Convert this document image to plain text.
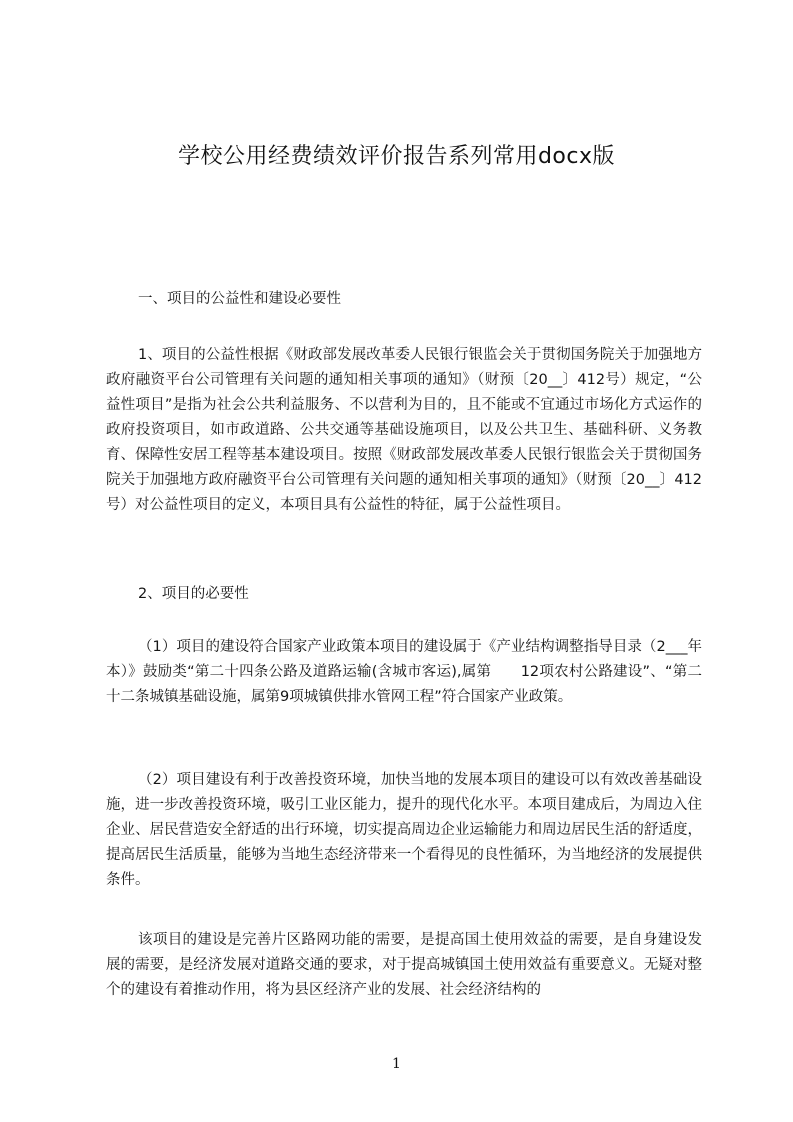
学校公用经费绩效评价报告系列常用docx版

一、项目的公益性和建设必要性

1、项目的公益性根据《财政部发展改革委人民银行银监会关于贯彻国务院关于加强地方政府融资平台公司管理有关问题的通知相关事项的通知》（财预〔20__〕412号）规定，“公益性项目”是指为社会公共利益服务、不以营利为目的，且不能或不宜通过市场化方式运作的政府投资项目，如市政道路、公共交通等基础设施项目，以及公共卫生、基础科研、义务教育、保障性安居工程等基本建设项目。按照《财政部发展改革委人民银行银监会关于贯彻国务院关于加强地方政府融资平台公司管理有关问题的通知相关事项的通知》（财预〔20__〕412号）对公益性项目的定义，本项目具有公益性的特征，属于公益性项目。

2、项目的必要性

（1）项目的建设符合国家产业政策本项目的建设属于《产业结构调整指导目录（2___年本）》鼓励类“第二十四条公路及道路运输(含城市客运),属第　　12项农村公路建设”、“第二十二条城镇基础设施，属第9项城镇供排水管网工程”符合国家产业政策。

（2）项目建设有利于改善投资环境，加快当地的发展本项目的建设可以有效改善基础设施，进一步改善投资环境，吸引工业区能力，提升的现代化水平。本项目建成后，为周边入住企业、居民营造安全舒适的出行环境，切实提高周边企业运输能力和周边居民生活的舒适度，提高居民生活质量，能够为当地生态经济带来一个看得见的良性循环，为当地经济的发展提供条件。

该项目的建设是完善片区路网功能的需要，是提高国土使用效益的需要，是自身建设发展的需要，是经济发展对道路交通的要求，对于提高城镇国土使用效益有重要意义。无疑对整个的建设有着推动作用，将为县区经济产业的发展、社会经济结构的

1
